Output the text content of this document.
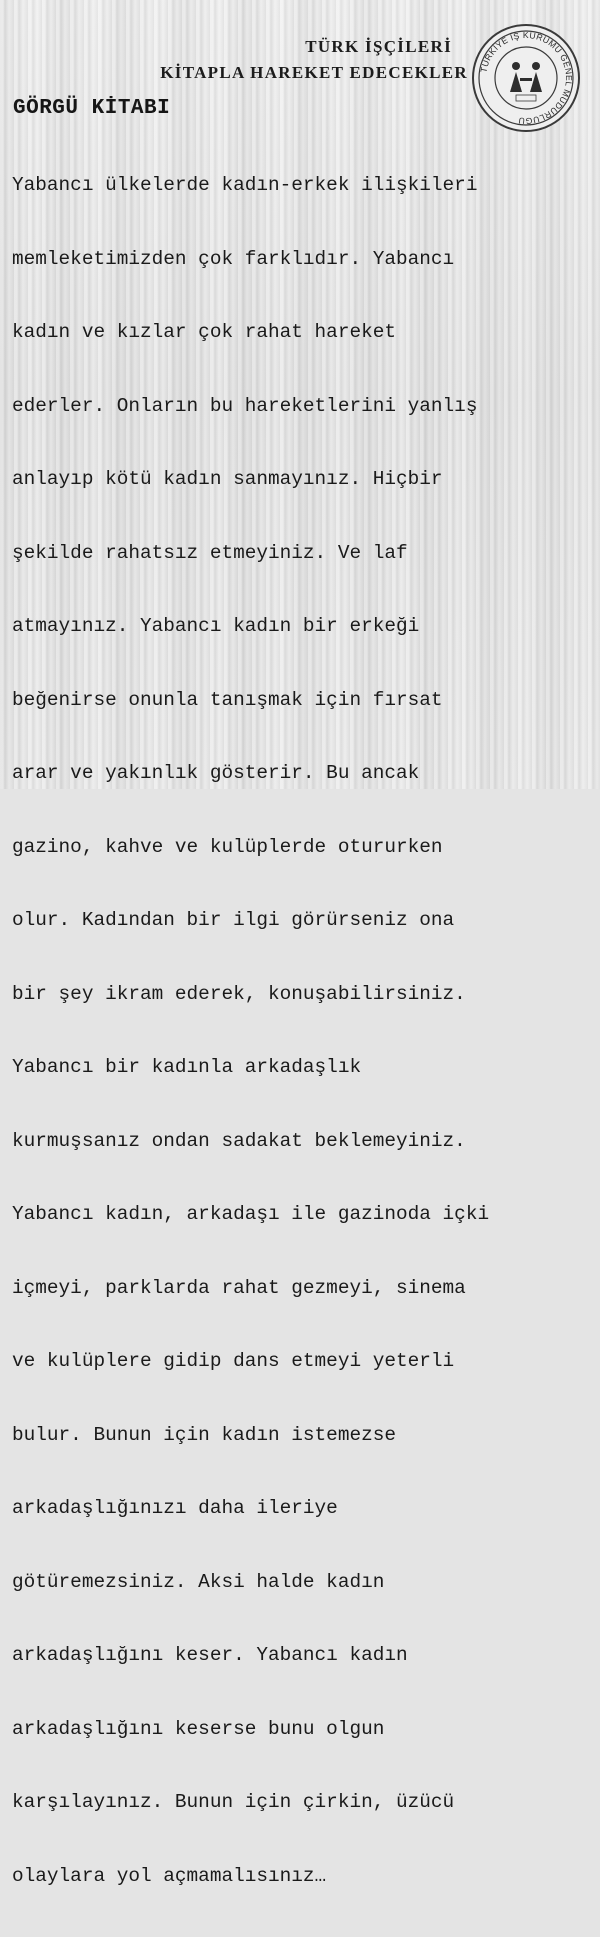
TÜRK İŞÇİLERİ
KİTAPLA HAREKET EDECEKLER TÜRKİYE İŞ KURUMU GENEL MÜDÜRLÜĞÜ
GÖRGÜ KİTABI

Yabancı ülkelerde kadın-erkek ilişkileri

memleketimizden çok farklıdır. Yabancı

kadın ve kızlar çok rahat hareket

ederler. Onların bu hareketlerini yanlış

anlayıp kötü kadın sanmayınız. Hiçbir

şekilde rahatsız etmeyiniz. Ve laf

atmayınız. Yabancı kadın bir erkeği

beğenirse onunla tanışmak için fırsat

arar ve yakınlık gösterir. Bu ancak

gazino, kahve ve kulüplerde otururken

olur. Kadından bir ilgi görürseniz ona

bir şey ikram ederek, konuşabilirsiniz.

Yabancı bir kadınla arkadaşlık

kurmuşsanız ondan sadakat beklemeyiniz.

Yabancı kadın, arkadaşı ile gazinoda içki

içmeyi, parklarda rahat gezmeyi, sinema

ve kulüplere gidip dans etmeyi yeterli

bulur. Bunun için kadın istemezse

arkadaşlığınızı daha ileriye

götüremezsiniz. Aksi halde kadın

arkadaşlığını keser. Yabancı kadın

arkadaşlığını keserse bunu olgun

karşılayınız. Bunun için çirkin, üzücü

olaylara yol açmamalısınız…
